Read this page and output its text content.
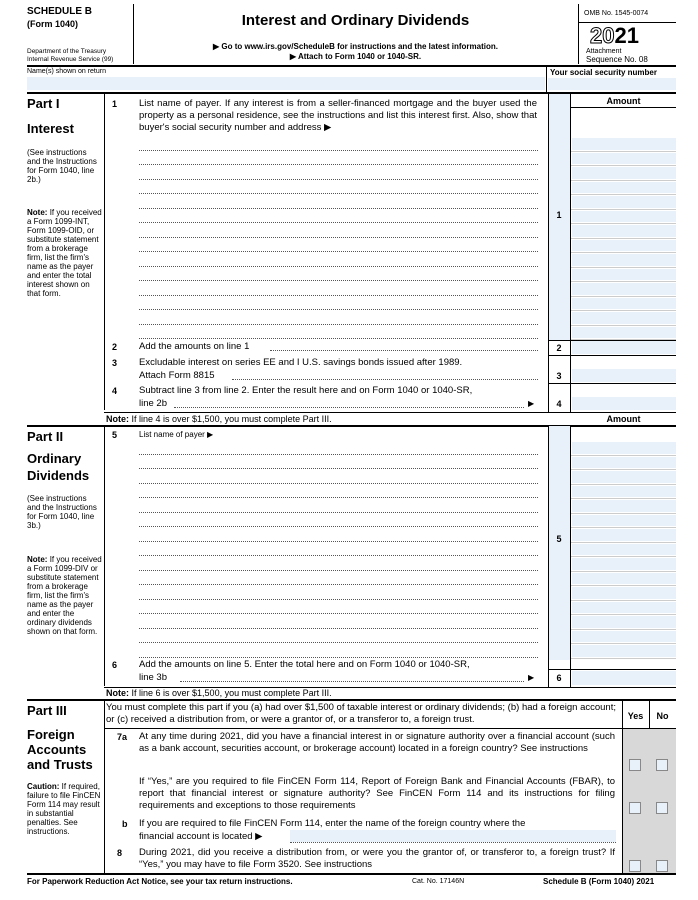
SCHEDULE B
(Form 1040)
Department of the Treasury
Internal Revenue Service (99)
Interest and Ordinary Dividends
▶ Go to www.irs.gov/ScheduleB for instructions and the latest information.
▶ Attach to Form 1040 or 1040-SR.
OMB No. 1545-0074
2021
Attachment
Sequence No. 08
Name(s) shown on return	Your social security number
Part I
Interest
(See instructions and the Instructions for Form 1040, line 2b.)
Note: If you received a Form 1099-INT, Form 1099-OID, or substitute statement from a brokerage firm, list the firm's name as the payer and enter the total interest shown on that form.
1 List name of payer. If any interest is from a seller-financed mortgage and the buyer used the property as a personal residence, see the instructions and list this interest first. Also, show that buyer's social security number and address ▶
Amount
1
2 Add the amounts on line 1	2
3 Excludable interest on series EE and I U.S. savings bonds issued after 1989.
Attach Form 8815	3
4 Subtract line 3 from line 2. Enter the result here and on Form 1040 or 1040-SR,
line 2b	▶	4
Note: If line 4 is over $1,500, you must complete Part III.	Amount
Part II
Ordinary
Dividends
(See instructions and the Instructions for Form 1040, line 3b.)
Note: If you received a Form 1099-DIV or substitute statement from a brokerage firm, list the firm's name as the payer and enter the ordinary dividends shown on that form.
5	List name of payer ▶
5
6 Add the amounts on line 5. Enter the total here and on Form 1040 or 1040-SR,
line 3b	▶	6
Note: If line 6 is over $1,500, you must complete Part III.
Part III
Foreign
Accounts
and Trusts
Caution: If required, failure to file FinCEN Form 114 may result in substantial penalties. See instructions.
You must complete this part if you (a) had over $1,500 of taxable interest or ordinary dividends; (b) had a foreign account; or (c) received a distribution from, or were a grantor of, or a transferor to, a foreign trust.	Yes	No
7a At any time during 2021, did you have a financial interest in or signature authority over a financial account (such as a bank account, securities account, or brokerage account) located in a foreign country? See instructions
If “Yes,” are you required to file FinCEN Form 114, Report of Foreign Bank and Financial Accounts (FBAR), to report that financial interest or signature authority? See FinCEN Form 114 and its instructions for filing requirements and exceptions to those requirements
b If you are required to file FinCEN Form 114, enter the name of the foreign country where the
financial account is located ▶
8 During 2021, did you receive a distribution from, or were you the grantor of, or transferor to, a foreign trust? If “Yes,” you may have to file Form 3520. See instructions
For Paperwork Reduction Act Notice, see your tax return instructions.	Cat. No. 17146N	Schedule B (Form 1040) 2021
